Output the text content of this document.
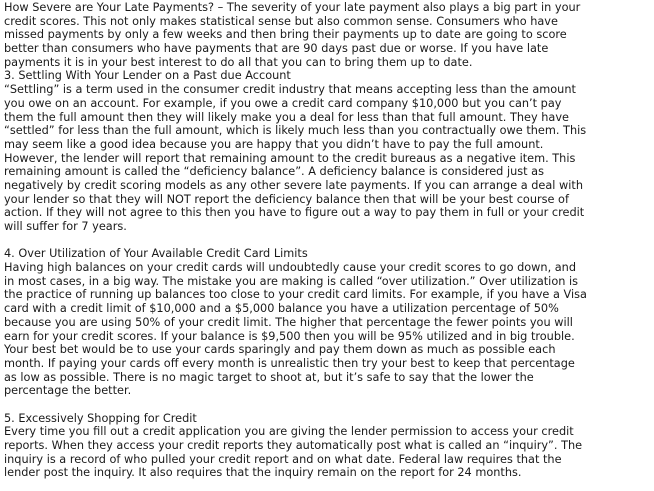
How Severe are Your Late Payments? – The severity of your late payment also plays a big part in your
credit scores. This not only makes statistical sense but also common sense. Consumers who have
missed payments by only a few weeks and then bring their payments up to date are going to score
better than consumers who have payments that are 90 days past due or worse. If you have late
payments it is in your best interest to do all that you can to bring them up to date.
3. Settling With Your Lender on a Past due Account
“Settling” is a term used in the consumer credit industry that means accepting less than the amount
you owe on an account. For example, if you owe a credit card company $10,000 but you can’t pay
them the full amount then they will likely make you a deal for less than that full amount. They have
“settled” for less than the full amount, which is likely much less than you contractually owe them. This
may seem like a good idea because you are happy that you didn’t have to pay the full amount.
However, the lender will report that remaining amount to the credit bureaus as a negative item. This
remaining amount is called the “deficiency balance”. A deficiency balance is considered just as
negatively by credit scoring models as any other severe late payments. If you can arrange a deal with
your lender so that they will NOT report the deficiency balance then that will be your best course of
action. If they will not agree to this then you have to figure out a way to pay them in full or your credit
will suffer for 7 years.
4. Over Utilization of Your Available Credit Card Limits
Having high balances on your credit cards will undoubtedly cause your credit scores to go down, and
in most cases, in a big way. The mistake you are making is called “over utilization.” Over utilization is
the practice of running up balances too close to your credit card limits. For example, if you have a Visa
card with a credit limit of $10,000 and a $5,000 balance you have a utilization percentage of 50%
because you are using 50% of your credit limit. The higher that percentage the fewer points you will
earn for your credit scores. If your balance is $9,500 then you will be 95% utilized and in big trouble.
Your best bet would be to use your cards sparingly and pay them down as much as possible each
month. If paying your cards off every month is unrealistic then try your best to keep that percentage
as low as possible. There is no magic target to shoot at, but it’s safe to say that the lower the
percentage the better.
5. Excessively Shopping for Credit
Every time you fill out a credit application you are giving the lender permission to access your credit
reports. When they access your credit reports they automatically post what is called an “inquiry”. The
inquiry is a record of who pulled your credit report and on what date. Federal law requires that the
lender post the inquiry. It also requires that the inquiry remain on the report for 24 months.
